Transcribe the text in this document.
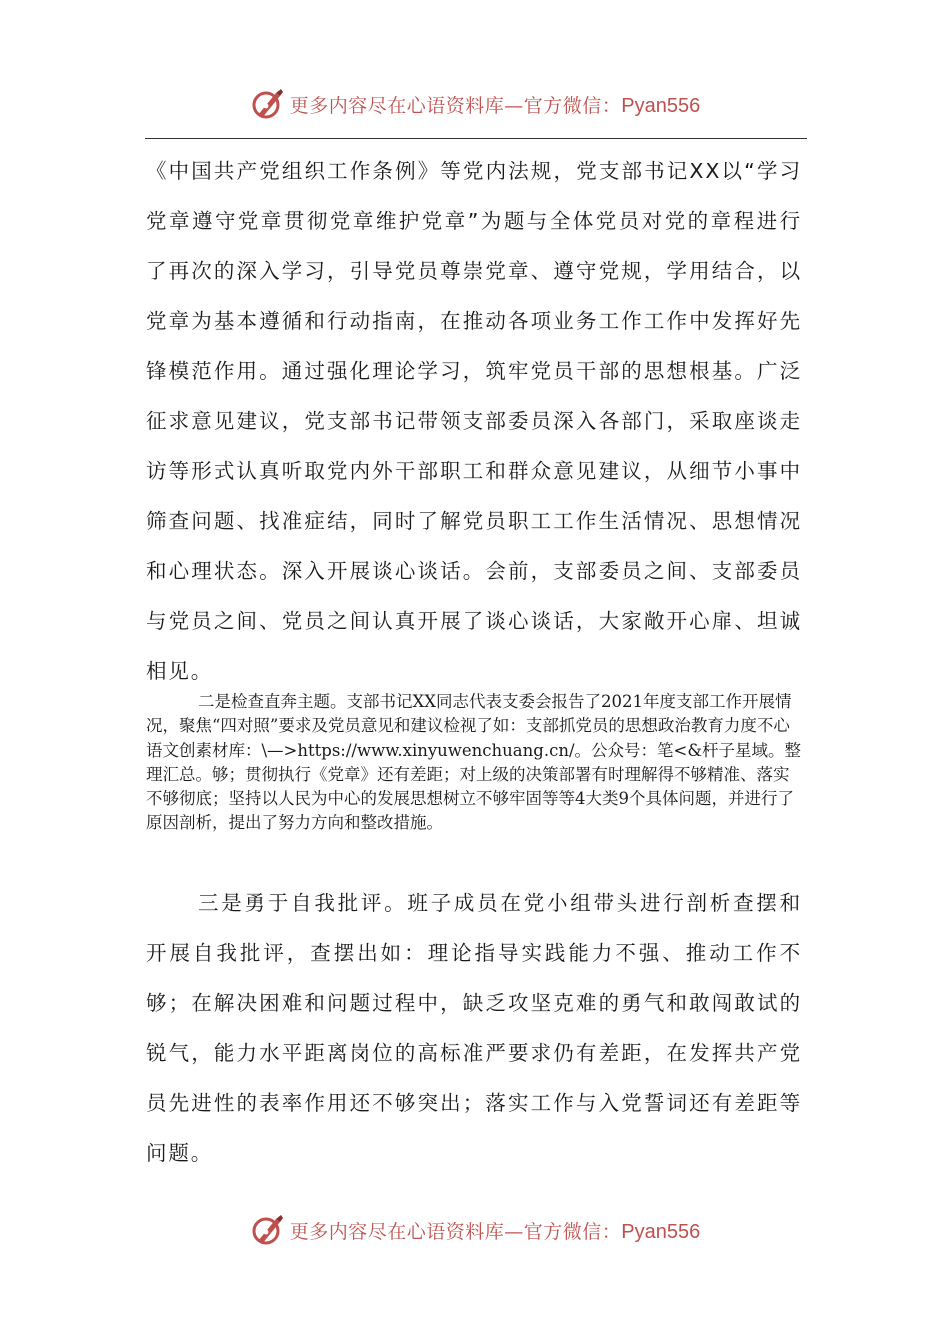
更多内容尽在心语资料库—官方微信：Pyan556

《中国共产党组织工作条例》等党内法规，党支部书记XX以“学习党章遵守党章贯彻党章维护党章”为题与全体党员对党的章程进行了再次的深入学习，引导党员尊崇党章、遵守党规，学用结合，以党章为基本遵循和行动指南，在推动各项业务工作工作中发挥好先锋模范作用。通过强化理论学习，筑牢党员干部的思想根基。广泛征求意见建议，党支部书记带领支部委员深入各部门，采取座谈走访等形式认真听取党内外干部职工和群众意见建议，从细节小事中筛查问题、找准症结，同时了解党员职工工作生活情况、思想情况和心理状态。深入开展谈心谈话。会前，支部委员之间、支部委员与党员之间、党员之间认真开展了谈心谈话，大家敞开心扉、坦诚相见。

二是检查直奔主题。支部书记XX同志代表支委会报告了2021年度支部工作开展情况，聚焦“四对照”要求及党员意见和建议检视了如：支部抓党员的思想政治教育力度不心语文创素材库：\—>https://www.xinyuwenchuang.cn/。公众号：笔<&杆子星域。整理汇总。够；贯彻执行《党章》还有差距；对上级的决策部署有时理解得不够精准、落实不够彻底；坚持以人民为中心的发展思想树立不够牢固等等4大类9个具体问题，并进行了原因剖析，提出了努力方向和整改措施。

三是勇于自我批评。班子成员在党小组带头进行剖析查摆和开展自我批评，查摆出如：理论指导实践能力不强、推动工作不够；在解决困难和问题过程中，缺乏攻坚克难的勇气和敢闯敢试的锐气，能力水平距离岗位的高标准严要求仍有差距，在发挥共产党员先进性的表率作用还不够突出；落实工作与入党誓词还有差距等问题。

更多内容尽在心语资料库—官方微信：Pyan556
